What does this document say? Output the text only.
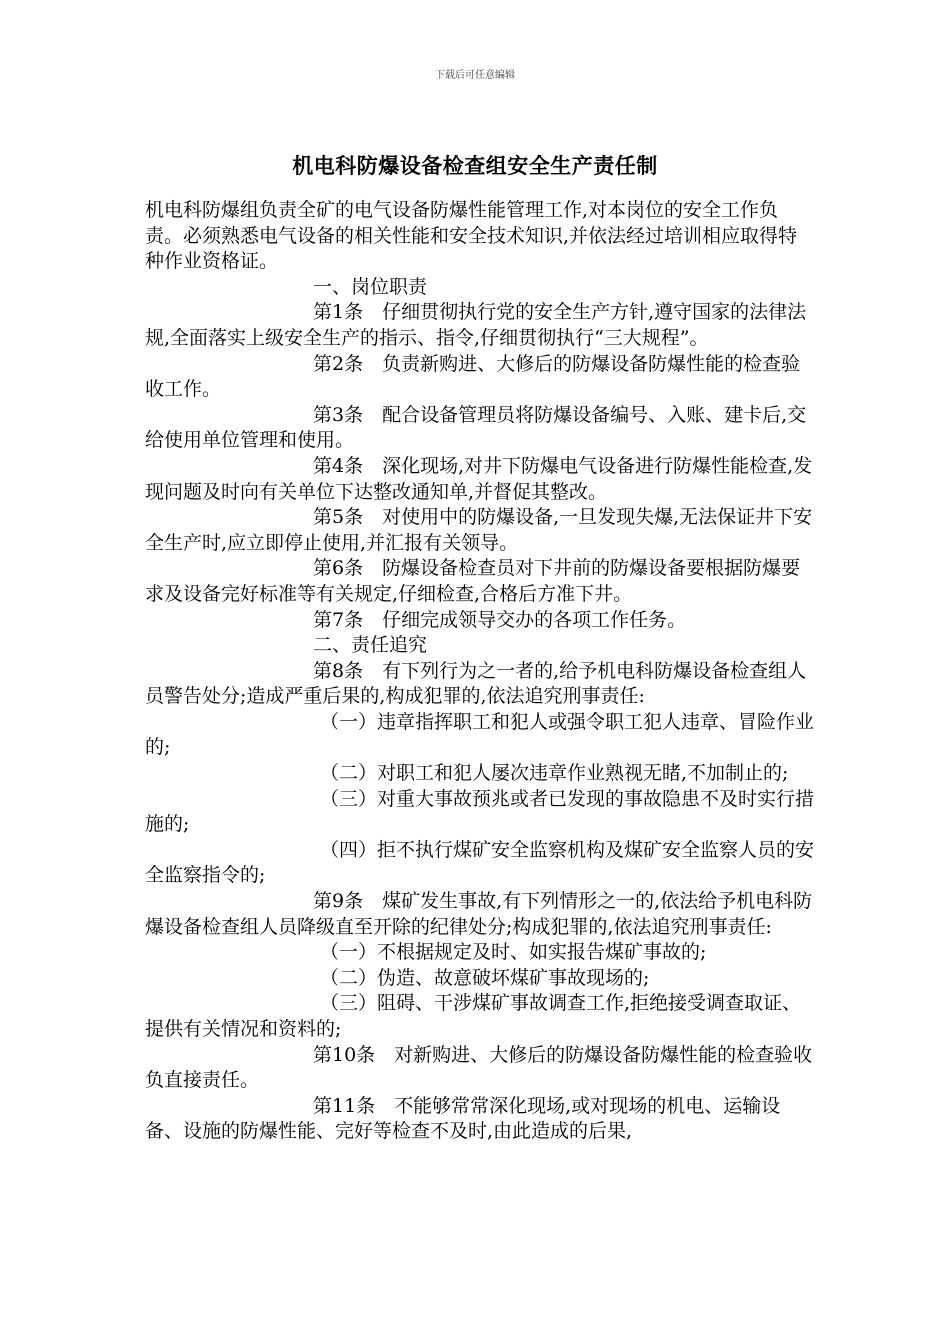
下载后可任意编辑
机电科防爆设备检查组安全生产责任制

机电科防爆组负责全矿的电气设备防爆性能管理工作,对本岗位的安全工作负责。必须熟悉电气设备的相关性能和安全技术知识,并依法经过培训相应取得特种作业资格证。

一、岗位职责

第1条　仔细贯彻执行党的安全生产方针,遵守国家的法律法规,全面落实上级安全生产的指示、指令,仔细贯彻执行“三大规程”。

第2条　负责新购进、大修后的防爆设备防爆性能的检查验收工作。

第3条　配合设备管理员将防爆设备编号、入账、建卡后,交给使用单位管理和使用。

第4条　深化现场,对井下防爆电气设备进行防爆性能检查,发现问题及时向有关单位下达整改通知单,并督促其整改。

第5条　对使用中的防爆设备,一旦发现失爆,无法保证井下安全生产时,应立即停止使用,并汇报有关领导。

第6条　防爆设备检查员对下井前的防爆设备要根据防爆要求及设备完好标准等有关规定,仔细检查,合格后方准下井。

第7条　仔细完成领导交办的各项工作任务。

二、责任追究

第8条　有下列行为之一者的,给予机电科防爆设备检查组人员警告处分;造成严重后果的,构成犯罪的,依法追究刑事责任:

（一）违章指挥职工和犯人或强令职工犯人违章、冒险作业的;

（二）对职工和犯人屡次违章作业熟视无睹,不加制止的;

（三）对重大事故预兆或者已发现的事故隐患不及时实行措施的;

（四）拒不执行煤矿安全监察机构及煤矿安全监察人员的安全监察指令的;

第9条　煤矿发生事故,有下列情形之一的,依法给予机电科防爆设备检查组人员降级直至开除的纪律处分;构成犯罪的,依法追究刑事责任:

（一）不根据规定及时、如实报告煤矿事故的;

（二）伪造、故意破坏煤矿事故现场的;

（三）阻碍、干涉煤矿事故调查工作,拒绝接受调查取证、提供有关情况和资料的;

第10条　对新购进、大修后的防爆设备防爆性能的检查验收负直接责任。

第11条　不能够常常深化现场,或对现场的机电、运输设备、设施的防爆性能、完好等检查不及时,由此造成的后果,
